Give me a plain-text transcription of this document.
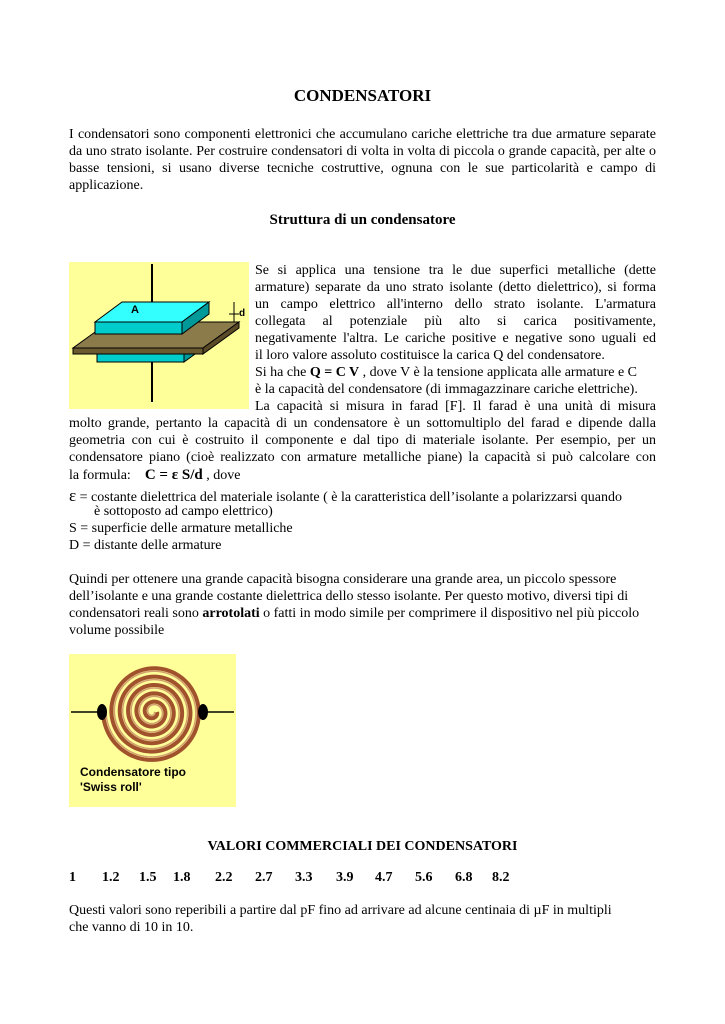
CONDENSATORI
I condensatori sono componenti elettronici che accumulano cariche elettriche tra due armature separate da uno strato isolante. Per costruire condensatori di volta in volta di piccola o grande capacità, per alte o basse tensioni, si usano diverse tecniche costruttive, ognuna con le sue particolarità e campo di applicazione.
Struttura di un condensatore
A	d
Se si applica una tensione tra le due superfici metalliche (dette
armature) separate da uno strato isolante (detto dielettrico), si forma
un campo elettrico all'interno dello strato isolante. L'armatura
collegata al potenziale più alto si carica positivamente,
negativamente l'altra. Le cariche positive e negative sono uguali ed
il loro valore assoluto costituisce la carica Q del condensatore.
Si ha che Q = C V , dove V è la tensione applicata alle armature e C
è la capacità del condensatore (di immagazzinare cariche elettriche).
La capacità si misura in farad [F]. Il farad è una unità di misura
molto grande, pertanto la capacità di un condensatore è un sottomultiplo del farad e dipende dalla
geometria con cui è costruito il componente e dal tipo di materiale isolante. Per esempio, per un
condensatore piano (cioè realizzato con armature metalliche piane) la capacità si può calcolare con
la formula: C = ε S/d , dove
ε = costante dielettrica del materiale isolante ( è la caratteristica dell’isolante a polarizzarsi quando
è sottoposto ad campo elettrico)
S = superficie delle armature metalliche
D = distante delle armature
Quindi per ottenere una grande capacità bisogna considerare una grande area, un piccolo spessore dell’isolante e una grande costante dielettrica dello stesso isolante. Per questo motivo, diversi tipi di condensatori reali sono arrotolati o fatti in modo simile per comprimere il dispositivo nel più piccolo volume possibile
Condensatore tipo
'Swiss roll'
VALORI COMMERCIALI DEI CONDENSATORI
1 1.2 1.5 1.8 2.2 2.7 3.3 3.9 4.7 5.6 6.8 8.2
Questi valori sono reperibili a partire dal pF fino ad arrivare ad alcune centinaia di µF in multipli che vanno di 10 in 10.
